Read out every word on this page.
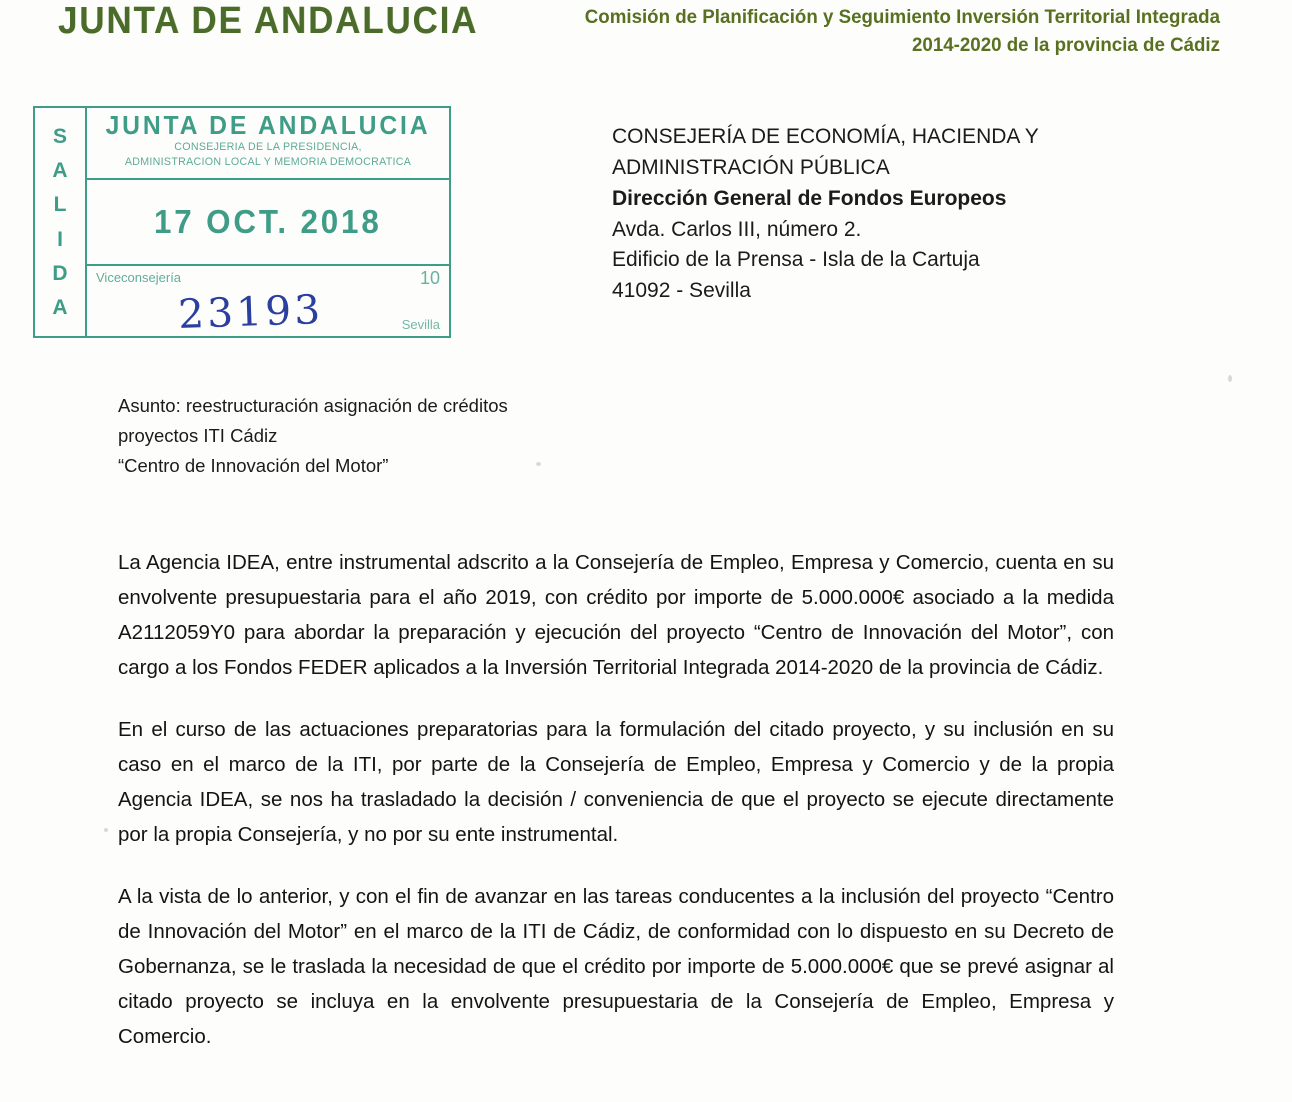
JUNTA DE ANDALUCIA	Comisión de Planificación y Seguimiento Inversión Territorial Integrada
2014-2020 de la provincia de Cádiz
S
A
L
I
D
A
JUNTA DE ANDALUCIA
CONSEJERIA DE LA PRESIDENCIA,
ADMINISTRACION LOCAL Y MEMORIA DEMOCRATICA
17 OCT. 2018
Viceconsejería	10
23193	Sevilla
CONSEJERÍA DE ECONOMÍA, HACIENDA Y
ADMINISTRACIÓN PÚBLICA
Dirección General de Fondos Europeos
Avda. Carlos III, número 2.
Edificio de la Prensa - Isla de la Cartuja
41092 - Sevilla
Asunto: reestructuración asignación de créditos
proyectos ITI Cádiz
“Centro de Innovación del Motor”

La Agencia IDEA, entre instrumental adscrito a la Consejería de Empleo, Empresa y Comercio, cuenta en su envolvente presupuestaria para el año 2019, con crédito por importe de 5.000.000€ asociado a la medida A2112059Y0 para abordar la preparación y ejecución del proyecto “Centro de Innovación del Motor”, con cargo a los Fondos FEDER aplicados a la Inversión Territorial Integrada 2014-2020 de la provincia de Cádiz.

En el curso de las actuaciones preparatorias para la formulación del citado proyecto, y su inclusión en su caso en el marco de la ITI, por parte de la Consejería de Empleo, Empresa y Comercio y de la propia Agencia IDEA, se nos ha trasladado la decisión / conveniencia de que el proyecto se ejecute directamente por la propia Consejería, y no por su ente instrumental.

A la vista de lo anterior, y con el fin de avanzar en las tareas conducentes a la inclusión del proyecto “Centro de Innovación del Motor” en el marco de la ITI de Cádiz, de conformidad con lo dispuesto en su Decreto de Gobernanza, se le traslada la necesidad de que el crédito por importe de 5.000.000€ que se prevé asignar al citado proyecto se incluya en la envolvente presupuestaria de la Consejería de Empleo, Empresa y Comercio.
